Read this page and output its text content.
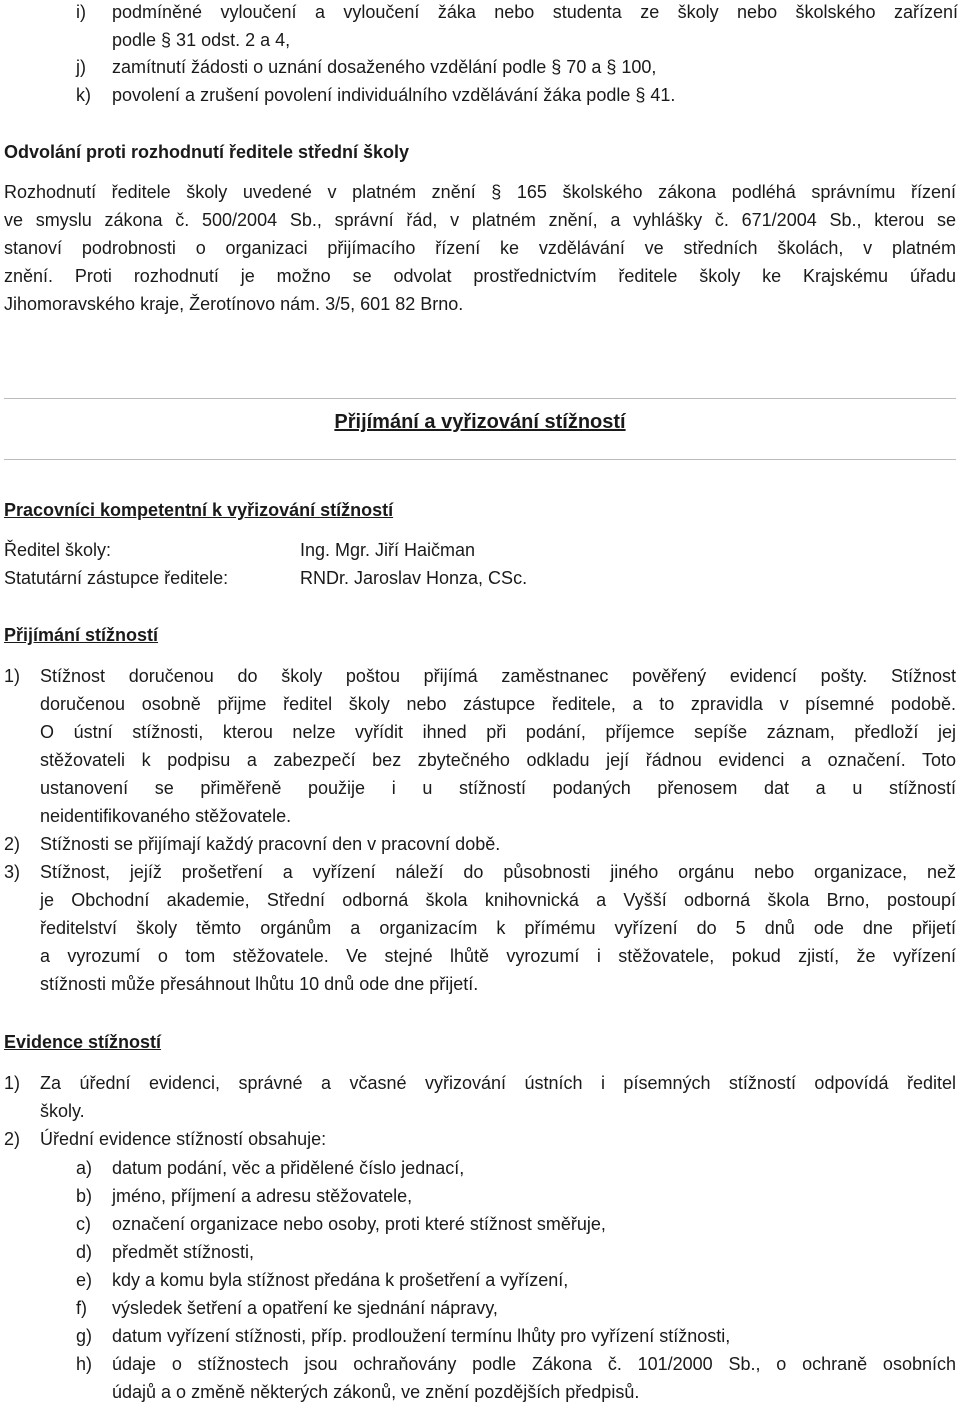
i)	podmíněné vyloučení a vyloučení žáka nebo studenta ze školy nebo školského zařízení
podle § 31 odst. 2 a 4,
j)	zamítnutí žádosti o uznání dosaženého vzdělání podle § 70 a § 100,
k)	povolení a zrušení povolení individuálního vzdělávání žáka podle § 41.
Odvolání proti rozhodnutí ředitele střední školy
Rozhodnutí ředitele školy uvedené v platném znění § 165 školského zákona podléhá správnímu řízení
ve smyslu zákona č. 500/2004 Sb., správní řád, v platném znění, a vyhlášky č. 671/2004 Sb., kterou se
stanoví podrobnosti o organizaci přijímacího řízení ke vzdělávání ve středních školách, v platném
znění. Proti rozhodnutí je možno se odvolat prostřednictvím ředitele školy ke Krajskému úřadu
Jihomoravského kraje, Žerotínovo nám. 3/5, 601 82 Brno.
Přijímání a vyřizování stížností
Pracovníci kompetentní k vyřizování stížností
Ředitel školy:	Ing. Mgr. Jiří Haičman
Statutární zástupce ředitele:	RNDr. Jaroslav Honza, CSc.
Přijímání stížností
1)	Stížnost doručenou do školy poštou přijímá zaměstnanec pověřený evidencí pošty. Stížnost
doručenou osobně přijme ředitel školy nebo zástupce ředitele, a to zpravidla v písemné podobě.
O ústní stížnosti, kterou nelze vyřídit ihned při podání, příjemce sepíše záznam, předloží jej
stěžovateli k podpisu a zabezpečí bez zbytečného odkladu její řádnou evidenci a označení. Toto
ustanovení se přiměřeně použije i u stížností podaných přenosem dat a u stížností
neidentifikovaného stěžovatele.
2)	Stížnosti se přijímají každý pracovní den v pracovní době.
3)	Stížnost, jejíž prošetření a vyřízení náleží do působnosti jiného orgánu nebo organizace, než
je Obchodní akademie, Střední odborná škola knihovnická a Vyšší odborná škola Brno, postoupí
ředitelství školy těmto orgánům a organizacím k přímému vyřízení do 5 dnů ode dne přijetí
a vyrozumí o tom stěžovatele. Ve stejné lhůtě vyrozumí i stěžovatele, pokud zjistí, že vyřízení
stížnosti může přesáhnout lhůtu 10 dnů ode dne přijetí.
Evidence stížností
1)	Za úřední evidenci, správné a včasné vyřizování ústních i písemných stížností odpovídá ředitel
školy.
2)	Úřední evidence stížností obsahuje:
a)	datum podání, věc a přidělené číslo jednací,
b)	jméno, příjmení a adresu stěžovatele,
c)	označení organizace nebo osoby, proti které stížnost směřuje,
d)	předmět stížnosti,
e)	kdy a komu byla stížnost předána k prošetření a vyřízení,
f)	výsledek šetření a opatření ke sjednání nápravy,
g)	datum vyřízení stížnosti, příp. prodloužení termínu lhůty pro vyřízení stížnosti,
h)	údaje o stížnostech jsou ochraňovány podle Zákona č. 101/2000 Sb., o ochraně osobních
údajů a o změně některých zákonů, ve znění pozdějších předpisů.
